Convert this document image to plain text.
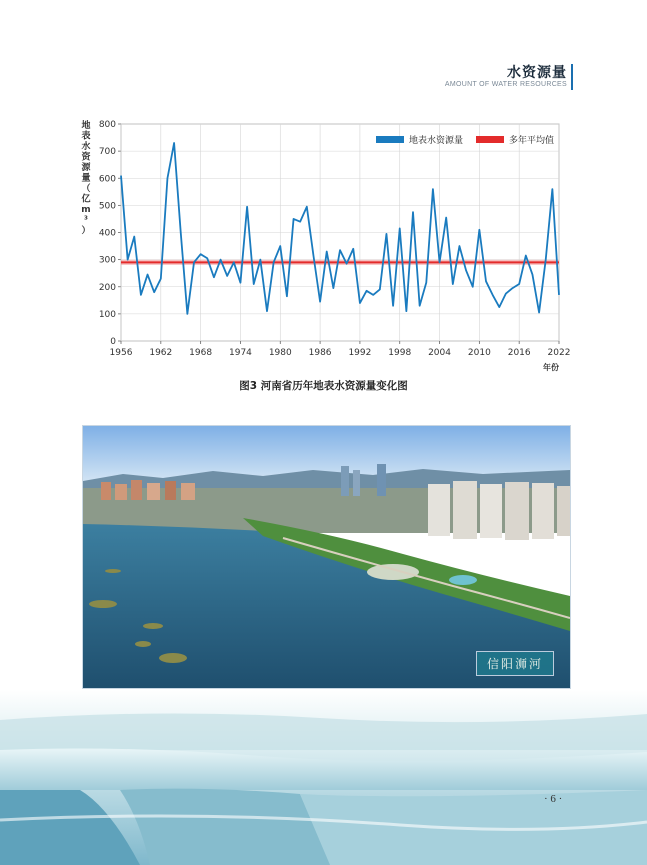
水资源量
AMOUNT OF WATER RESOURCES
0
100
200
300
400
500
600
700
800
1956 1962 1968 1974 1980 1986 1992 1998 2004 2010 2016 2022
年份
地
表
水
资
源
量
（
亿
m
³
）
地表水资源量	多年平均值
图3 河南省历年地表水资源量变化图
信阳浉河
· 6 ·
